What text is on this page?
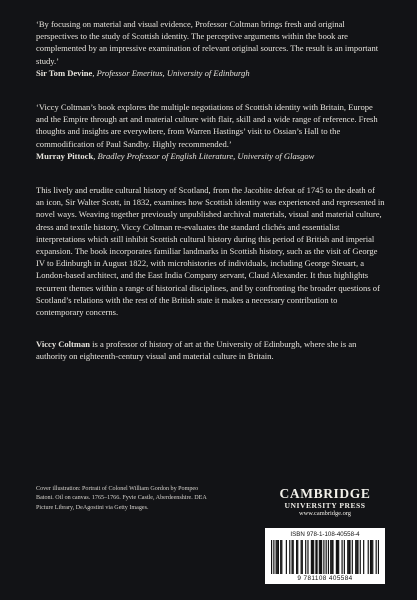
‘By focusing on material and visual evidence, Professor Coltman brings fresh and original perspectives to the study of Scottish identity. The perceptive arguments within the book are complemented by an impressive examination of relevant original sources. The result is an important study.’

Sir Tom Devine, Professor Emeritus, University of Edinburgh

‘Viccy Coltman’s book explores the multiple negotiations of Scottish identity with Britain, Europe and the Empire through art and material culture with flair, skill and a wide range of reference. Fresh thoughts and insights are everywhere, from Warren Hastings’ visit to Ossian’s Hall to the commodification of Paul Sandby. Highly recommended.’

Murray Pittock, Bradley Professor of English Literature, University of Glasgow

This lively and erudite cultural history of Scotland, from the Jacobite defeat of 1745 to the death of an icon, Sir Walter Scott, in 1832, examines how Scottish identity was experienced and represented in novel ways. Weaving together previously unpublished archival materials, visual and material culture, dress and textile history, Viccy Coltman re-evaluates the standard clichés and essentialist interpretations which still inhibit Scottish cultural history during this period of British and imperial expansion. The book incorporates familiar landmarks in Scottish history, such as the visit of George IV to Edinburgh in August 1822, with microhistories of individuals, including George Steuart, a London-based architect, and the East India Company servant, Claud Alexander. It thus highlights recurrent themes within a range of historical disciplines, and by confronting the broader questions of Scotland’s relations with the rest of the British state it makes a necessary contribution to contemporary concerns.

Viccy Coltman is a professor of history of art at the University of Edinburgh, where she is an authority on eighteenth-century visual and material culture in Britain.

Cover illustration: Portrait of Colonel William Gordon by Pompeo Batoni. Oil on canvas. 1765–1766. Fyvie Castle, Aberdeenshire. DEA Picture Library, DeAgostini via Getty Images.
CAMBRIDGE
UNIVERSITY PRESS
www.cambridge.org
ISBN 978-1-108-40558-4
9 781108 405584
